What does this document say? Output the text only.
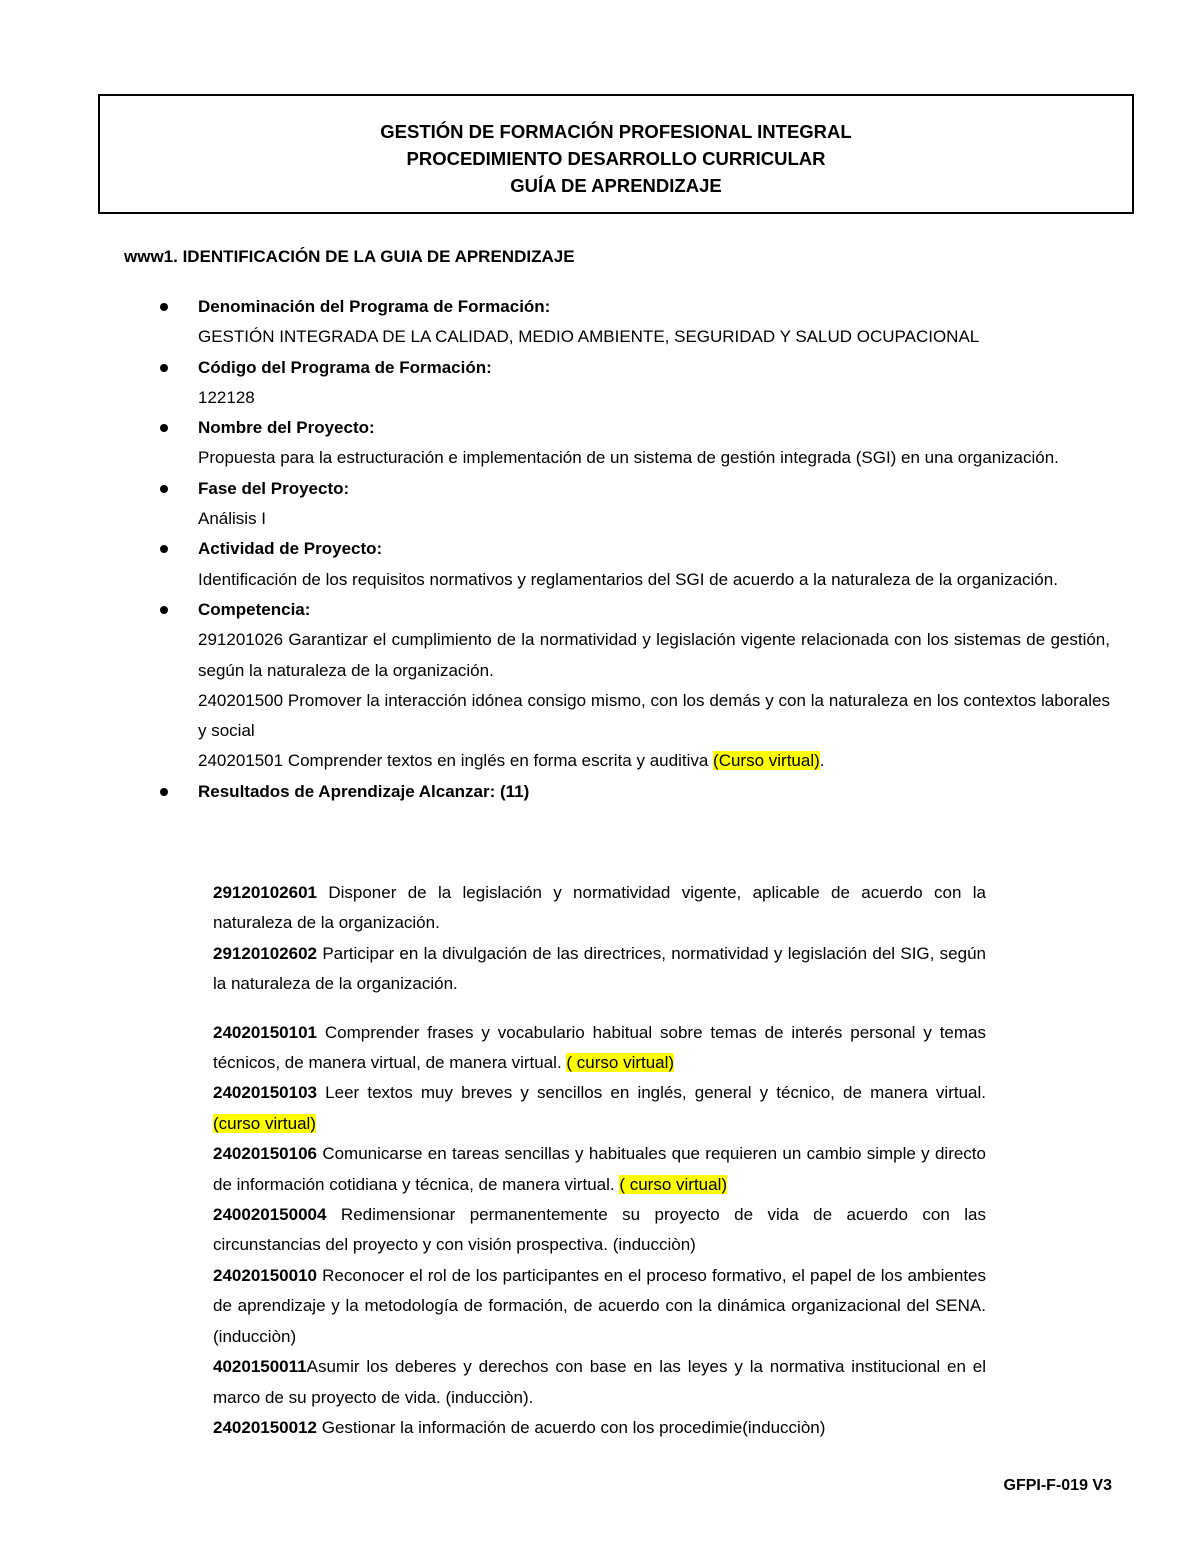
GESTIÓN DE FORMACIÓN PROFESIONAL INTEGRAL
PROCEDIMIENTO DESARROLLO CURRICULAR
GUÍA DE APRENDIZAJE
www1. IDENTIFICACIÓN DE LA GUIA DE APRENDIZAJE
Denominación del Programa de Formación:
GESTIÓN INTEGRADA DE LA CALIDAD, MEDIO AMBIENTE, SEGURIDAD Y SALUD OCUPACIONAL
Código del Programa de Formación:
122128
Nombre del Proyecto:
Propuesta para la estructuración e implementación de un sistema de gestión integrada (SGI) en una organización.
Fase del Proyecto:
Análisis I
Actividad de Proyecto:
Identificación de los requisitos normativos y reglamentarios del SGI de acuerdo a la naturaleza de la organización.
Competencia:
291201026 Garantizar el cumplimiento de la normatividad y legislación vigente relacionada con los sistemas de gestión, según la naturaleza de la organización.
240201500 Promover la interacción idónea consigo mismo, con los demás y con la naturaleza en los contextos laborales y social
240201501 Comprender textos en inglés en forma escrita y auditiva (Curso virtual).
Resultados de Aprendizaje Alcanzar: (11)
29120102601 Disponer de la legislación y normatividad vigente, aplicable de acuerdo con la naturaleza de la organización.
29120102602 Participar en la divulgación de las directrices, normatividad y legislación del SIG, según la naturaleza de la organización.
24020150101 Comprender frases y vocabulario habitual sobre temas de interés personal y temas técnicos, de manera virtual, de manera virtual. ( curso virtual)
24020150103 Leer textos muy breves y sencillos en inglés, general y técnico, de manera virtual. (curso virtual)
24020150106 Comunicarse en tareas sencillas y habituales que requieren un cambio simple y directo de información cotidiana y técnica, de manera virtual. ( curso virtual)
240020150004 Redimensionar permanentemente su proyecto de vida de acuerdo con las circunstancias del proyecto y con visión prospectiva. (inducciòn)
24020150010 Reconocer el rol de los participantes en el proceso formativo, el papel de los ambientes de aprendizaje y la metodología de formación, de acuerdo con la dinámica organizacional del SENA. (inducciòn)
4020150011Asumir los deberes y derechos con base en las leyes y la normativa institucional en el marco de su proyecto de vida. (inducciòn).
24020150012 Gestionar la información de acuerdo con los procedimie(inducciòn)
GFPI-F-019 V3
